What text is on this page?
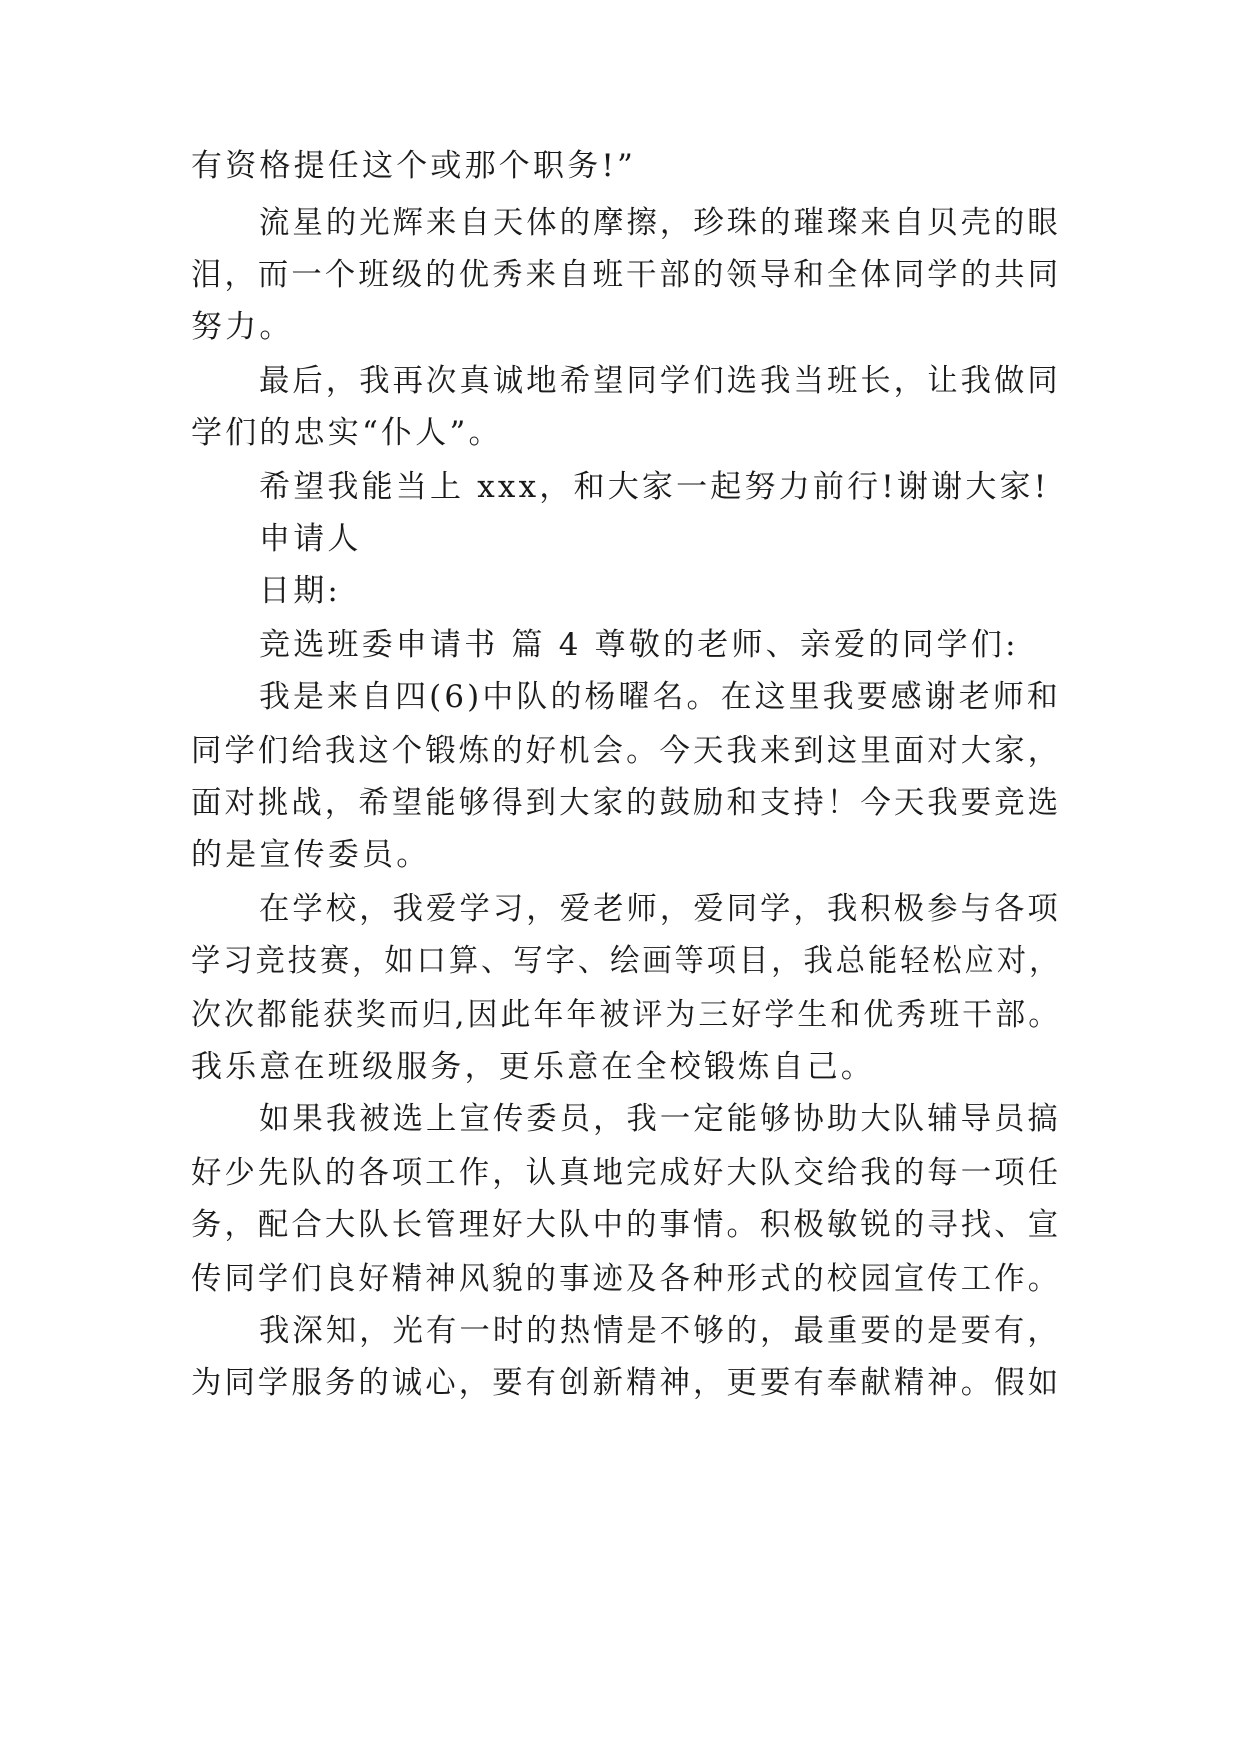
有资格提任这个或那个职务!”
流星的光辉来自天体的摩擦，珍珠的璀璨来自贝壳的眼
泪，而一个班级的优秀来自班干部的领导和全体同学的共同
努力。
最后，我再次真诚地希望同学们选我当班长，让我做同
学们的忠实“仆人”。
希望我能当上 xxx，和大家一起努力前行!谢谢大家!
申请人
日期:
竞选班委申请书 篇 4 尊敬的老师、亲爱的同学们:
我是来自四(6)中队的杨曜名。在这里我要感谢老师和
同学们给我这个锻炼的好机会。今天我来到这里面对大家，
面对挑战，希望能够得到大家的鼓励和支持！今天我要竞选
的是宣传委员。
在学校，我爱学习，爱老师，爱同学，我积极参与各项
学习竞技赛，如口算、写字、绘画等项目，我总能轻松应对，
次次都能获奖而归,因此年年被评为三好学生和优秀班干部。
我乐意在班级服务，更乐意在全校锻炼自己。
如果我被选上宣传委员，我一定能够协助大队辅导员搞
好少先队的各项工作，认真地完成好大队交给我的每一项任
务，配合大队长管理好大队中的事情。积极敏锐的寻找、宣
传同学们良好精神风貌的事迹及各种形式的校园宣传工作。
我深知，光有一时的热情是不够的，最重要的是要有，
为同学服务的诚心，要有创新精神，更要有奉献精神。假如
